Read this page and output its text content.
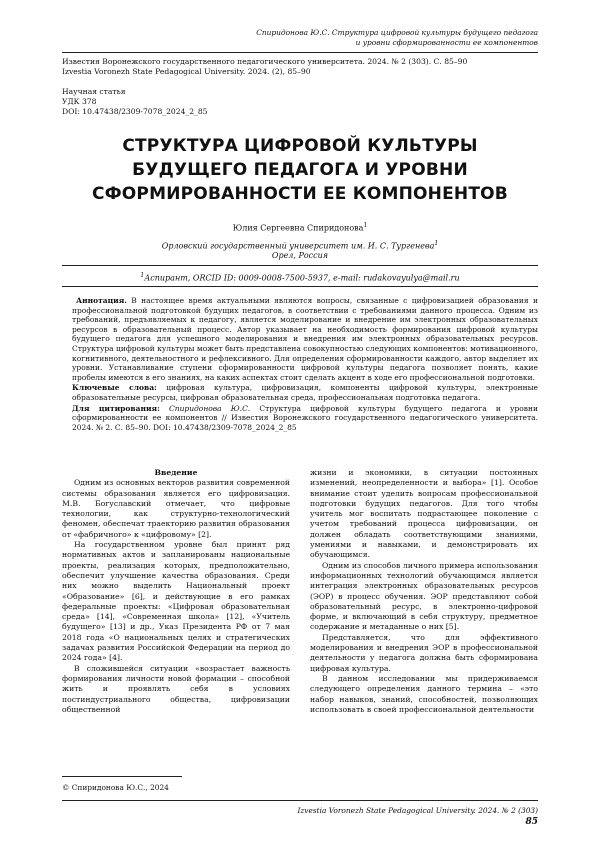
Спиридонова Ю.С. Структура цифровой культуры будущего педагога
и уровни сформированности ее компонентов
Известия Воронежского государственного педагогического университета. 2024. № 2 (303). С. 85–90
Izvestia Voronezh State Pedagogical University. 2024. (2), 85–90
Научная статья
УДК 378
DOI: 10.47438/2309-7078_2024_2_85
СТРУКТУРА ЦИФРОВОЙ КУЛЬТУРЫ
БУДУЩЕГО ПЕДАГОГА И УРОВНИ
СФОРМИРОВАННОСТИ ЕЕ КОМПОНЕНТОВ
Юлия Сергеевна Спиридонова$^1$
Орловский государственный университет им. И. С. Тургенева$^1$
Орел, Россия
$^1$Аспирант, ORCID ID: 0009-0008-7500-5937, e-mail: rudakovayulya@mail.ru
Аннотация. В настоящее время актуальными являются вопросы, связанные с цифровизацией образования и профессиональной подготовкой будущих педагогов, в соответствии с требованиями данного процесса. Одним из требований, предъявляемых к педагогу, является моделирование и внедрение им электронных образовательных ресурсов в образовательный процесс. Автор указывает на необходимость формирования цифровой культуры будущего педагога для успешного моделирования и внедрения им электронных образовательных ресурсов. Структура цифровой культуры может быть представлена совокупностью следующих компонентов: мотивационного, когнитивного, деятельностного и рефлексивного. Для определения сформированности каждого, автор выделяет их уровни. Устанавливание ступени сформированности цифровой культуры педагога позволяет понять, какие пробелы имеются в его знаниях, на каких аспектах стоит сделать акцент в ходе его профессиональной подготовки.
Ключевые слова: цифровая культура, цифровизация, компоненты цифровой культуры, электронные образовательные ресурсы, цифровая образовательная среда, профессиональная подготовка педагога.
Для цитирования: Спиридонова Ю.С. Структура цифровой культуры будущего педагога и уровни сформированности ее компонентов // Известия Воронежского государственного педагогического университета. 2024. № 2. С. 85–90. DOI: 10.47438/2309-7078_2024_2_85

Введение

Одним из основных векторов развития современной системы образования является его цифровизация. М.В. Богуславский отмечает, что цифровые технологии, как структурно-технологический феномен, обеспечат траекторию развития образования от «фабричного» к «цифровому» [2].

На государственном уровне был принят ряд нормативных актов и запланированы национальные проекты, реализация которых, предположительно, обеспечит улучшение качества образования. Среди них можно выделить Национальный проект «Образование» [6], и действующие в его рамках федеральные проекты: «Цифровая образовательная среда» [14], «Современная школа» [12], «Учитель будущего» [13] и др., Указ Президента РФ от 7 мая 2018 года «О национальных целях и стратегических задачах развития Российской Федерации на период до 2024 года» [4].

В сложившейся ситуации «возрастает важность формирования личности новой формации – способной жить и проявлять себя в условиях постиндустриального общества, цифровизации общественной

жизни и экономики, в ситуации постоянных изменений, неопределенности и выбора» [1]. Особое внимание стоит уделить вопросам профессиональной подготовки будущих педагогов. Для того чтобы учитель мог воспитать подрастающее поколение с учетом требований процесса цифровизации, он должен обладать соответствующими знаниями, умениями и навыками, и демонстрировать их обучающимся.

Одним из способов личного примера использования информационных технологий обучающимся является интеграция электронных образовательных ресурсов (ЭОР) в процесс обучения. ЭОР представляют собой образовательный ресурс, в электронно-цифровой форме, и включающий в себя структуру, предметное содержание и метаданные о них [5].

Представляется, что для эффективного моделирования и внедрения ЭОР в профессиональной деятельности у педагога должна быть сформирована цифровая культура.

В данном исследовании мы придерживаемся следующего определения данного термина – «это набор навыков, знаний, способностей, позволяющих использовать в своей профессиональной деятельности

© Спиридонова Ю.С., 2024
Izvestia Voronezh State Pedagogical University. 2024. № 2 (303)
85
